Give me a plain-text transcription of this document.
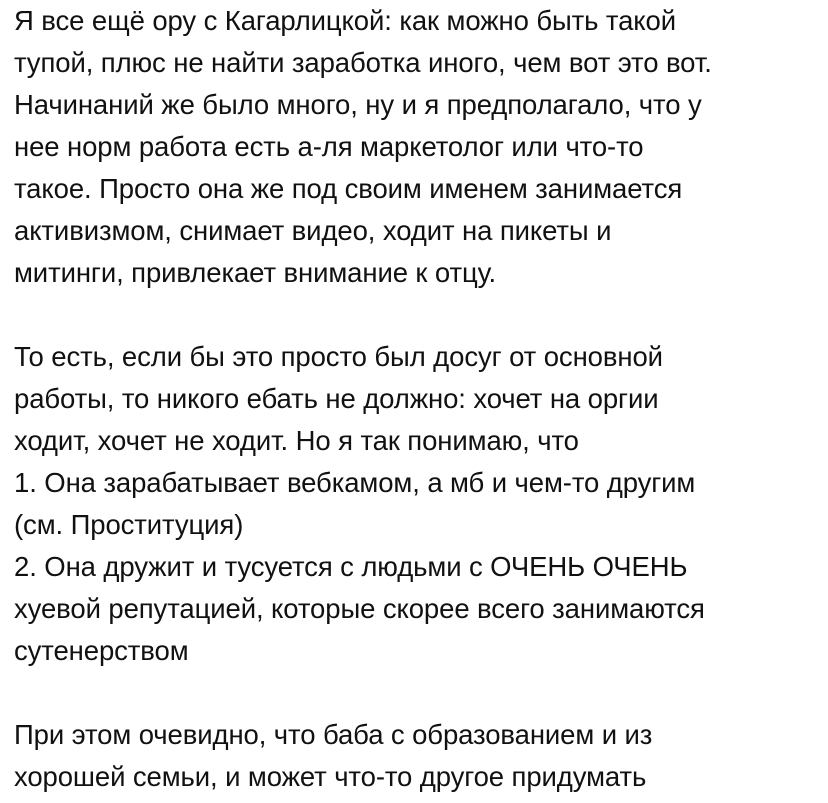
Я все ещё ору с Кагарлицкой: как можно быть такой
тупой, плюс не найти заработка иного, чем вот это вот.
Начинаний же было много, ну и я предполагало, что у
нее норм работа есть а-ля маркетолог или что-то
такое. Просто она же под своим именем занимается
активизмом, снимает видео, ходит на пикеты и
митинги, привлекает внимание к отцу.
То есть, если бы это просто был досуг от основной
работы, то никого ебать не должно: хочет на оргии
ходит, хочет не ходит. Но я так понимаю, что
1. Она зарабатывает вебкамом, а мб и чем-то другим
(см. Проституция)
2. Она дружит и тусуется с людьми с ОЧЕНЬ ОЧЕНЬ
хуевой репутацией, которые скорее всего занимаются
сутенерством
При этом очевидно, что баба с образованием и из
хорошей семьи, и может что-то другое придумать
